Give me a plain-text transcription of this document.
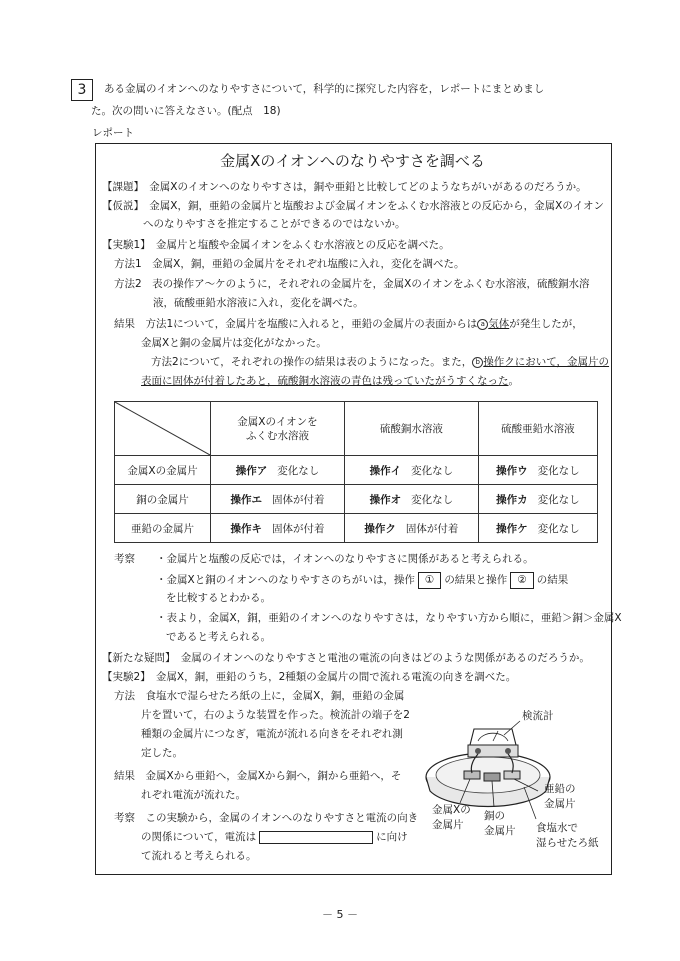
3	ある金属のイオンへのなりやすさについて，科学的に探究した内容を，レポートにまとめまし
た。次の問いに答えなさい。(配点　18)
レポート
金属Xのイオンへのなりやすさを調べる
【課題】　金属Xのイオンへのなりやすさは，銅や亜鉛と比較してどのようなちがいがあるのだろうか。
【仮説】　金属X，銅，亜鉛の金属片と塩酸および金属イオンをふくむ水溶液との反応から，金属Xのイオン
へのなりやすさを推定することができるのではないか。
【実験1】　金属片と塩酸や金属イオンをふくむ水溶液との反応を調べた。
方法1　金属X，銅，亜鉛の金属片をそれぞれ塩酸に入れ，変化を調べた。
方法2　表の操作ア～ケのように，それぞれの金属片を，金属Xのイオンをふくむ水溶液，硫酸銅水溶
液，硫酸亜鉛水溶液に入れ，変化を調べた。
結果　方法1について，金属片を塩酸に入れると，亜鉛の金属片の表面からは a 気体が発生したが，
金属Xと銅の金属片は変化がなかった。
方法2について，それぞれの操作の結果は表のようになった。また， b 操作クにおいて，金属片の
表面に固体が付着したあと，硫酸銅水溶液の青色は残っていたがうすくなった。
	金属Xのイオンを
ふくむ水溶液	硫酸銅水溶液	硫酸亜鉛水溶液
金属Xの金属片	操作ア 変化なし	操作イ 変化なし	操作ウ 変化なし
銅の金属片	操作エ 固体が付着	操作オ 変化なし	操作カ 変化なし
亜鉛の金属片	操作キ 固体が付着	操作ク 固体が付着	操作ケ 変化なし
考察 ・金属片と塩酸の反応では，イオンへのなりやすさに関係があると考えられる。
・金属Xと銅のイオンへのなりやすさのちがいは，操作 ① の結果と操作 ② の結果
を比較するとわかる。
・表より，金属X，銅，亜鉛のイオンへのなりやすさは，なりやすい方から順に，亜鉛＞銅＞金属X
であると考えられる。
【新たな疑問】　金属のイオンへのなりやすさと電池の電流の向きはどのような関係があるのだろうか。
【実験2】　金属X，銅，亜鉛のうち，2種類の金属片の間で流れる電流の向きを調べた。
方法　食塩水で湿らせたろ紙の上に，金属X，銅，亜鉛の金属
片を置いて，右のような装置を作った。検流計の端子を2
種類の金属片につなぎ，電流が流れる向きをそれぞれ測
定した。
結果　金属Xから亜鉛へ，金属Xから銅へ，銅から亜鉛へ，そ
れぞれ電流が流れた。
考察　この実験から，金属のイオンへのなりやすさと電流の向き
の関係について，電流は	に向け
て流れると考えられる。
検流計
亜鉛の
金属片
金属Xの
金属片
銅の
金属片 食塩水で
湿らせたろ紙
－ 5 －
